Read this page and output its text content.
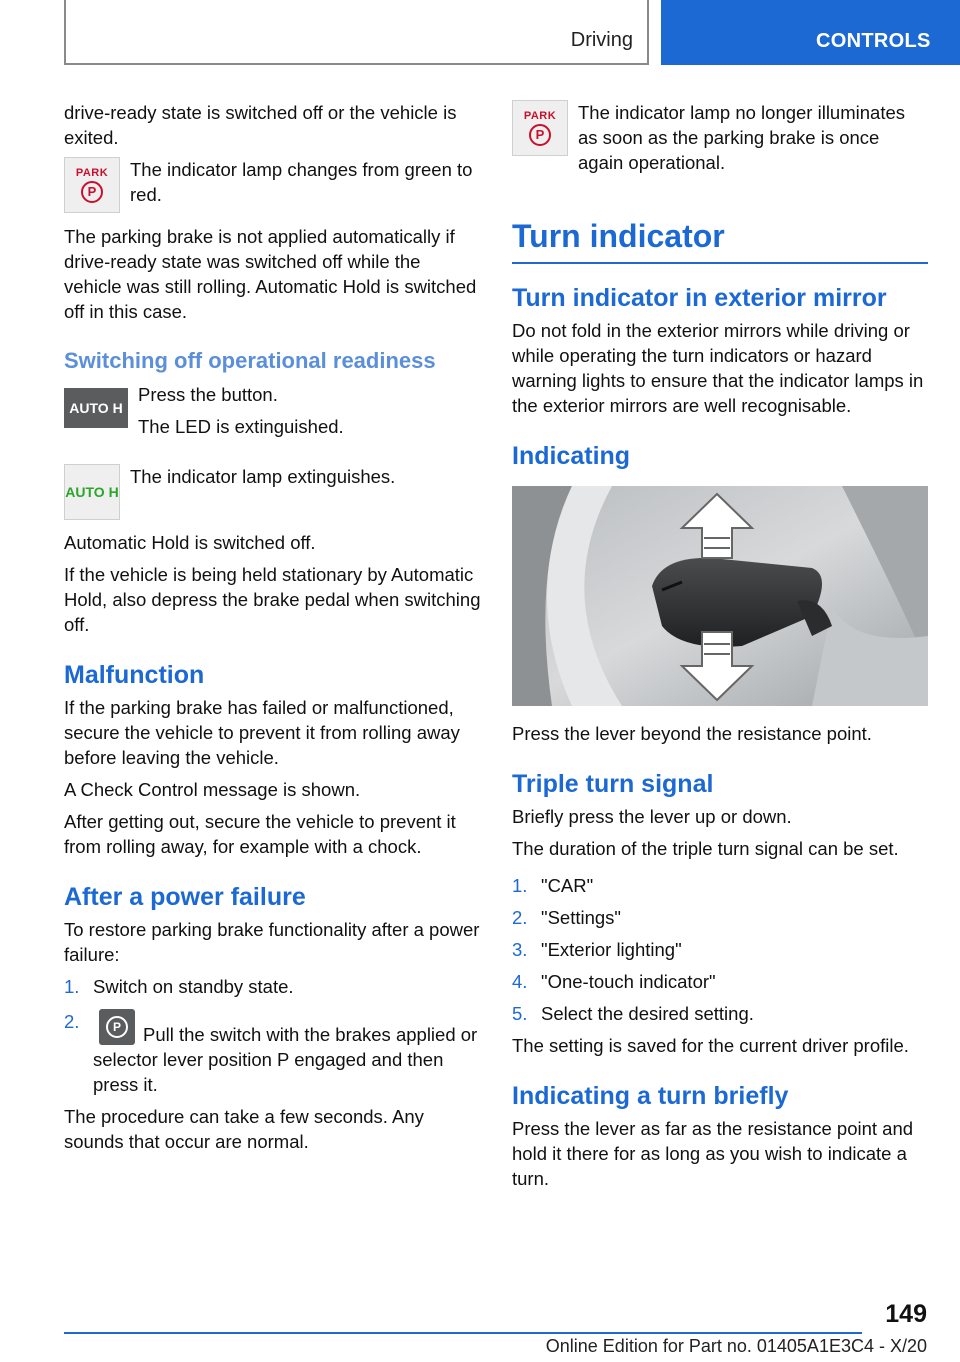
Driving	CONTROLS

drive-ready state is switched off or the vehicle is exited.

PARK
P

The indicator lamp changes from green to red.

The parking brake is not applied automatically if drive-ready state was switched off while the vehicle was still rolling. Automatic Hold is switched off in this case.

Switching off operational readiness
AUTO H

Press the button.

The LED is extinguished.

AUTO H

The indicator lamp extinguishes.

Automatic Hold is switched off.

If the vehicle is being held stationary by Automatic Hold, also depress the brake pedal when switching off.

Malfunction

If the parking brake has failed or malfunctioned, secure the vehicle to prevent it from rolling away before leaving the vehicle.

A Check Control message is shown.

After getting out, secure the vehicle to prevent it from rolling away, for example with a chock.

After a power failure

To restore parking brake functionality after a power failure:

1. Switch on standby state.
2.	P	Pull the switch with the brakes applied or selector lever position P engaged and then press it.

The procedure can take a few seconds. Any sounds that occur are normal.

PARK
P

The indicator lamp no longer illuminates as soon as the parking brake is once again operational.

Turn indicator
Turn indicator in exterior mirror

Do not fold in the exterior mirrors while driving or while operating the turn indicators or hazard warning lights to ensure that the indicator lamps in the exterior mirrors are well recognisable.

Indicating

Press the lever beyond the resistance point.

Triple turn signal

Briefly press the lever up or down.

The duration of the triple turn signal can be set.

1. "CAR"
2. "Settings"
3. "Exterior lighting"
4. "One-touch indicator"
5. Select the desired setting.

The setting is saved for the current driver profile.

Indicating a turn briefly

Press the lever as far as the resistance point and hold it there for as long as you wish to indicate a turn.

149
Online Edition for Part no. 01405A1E3C4 - X/20
